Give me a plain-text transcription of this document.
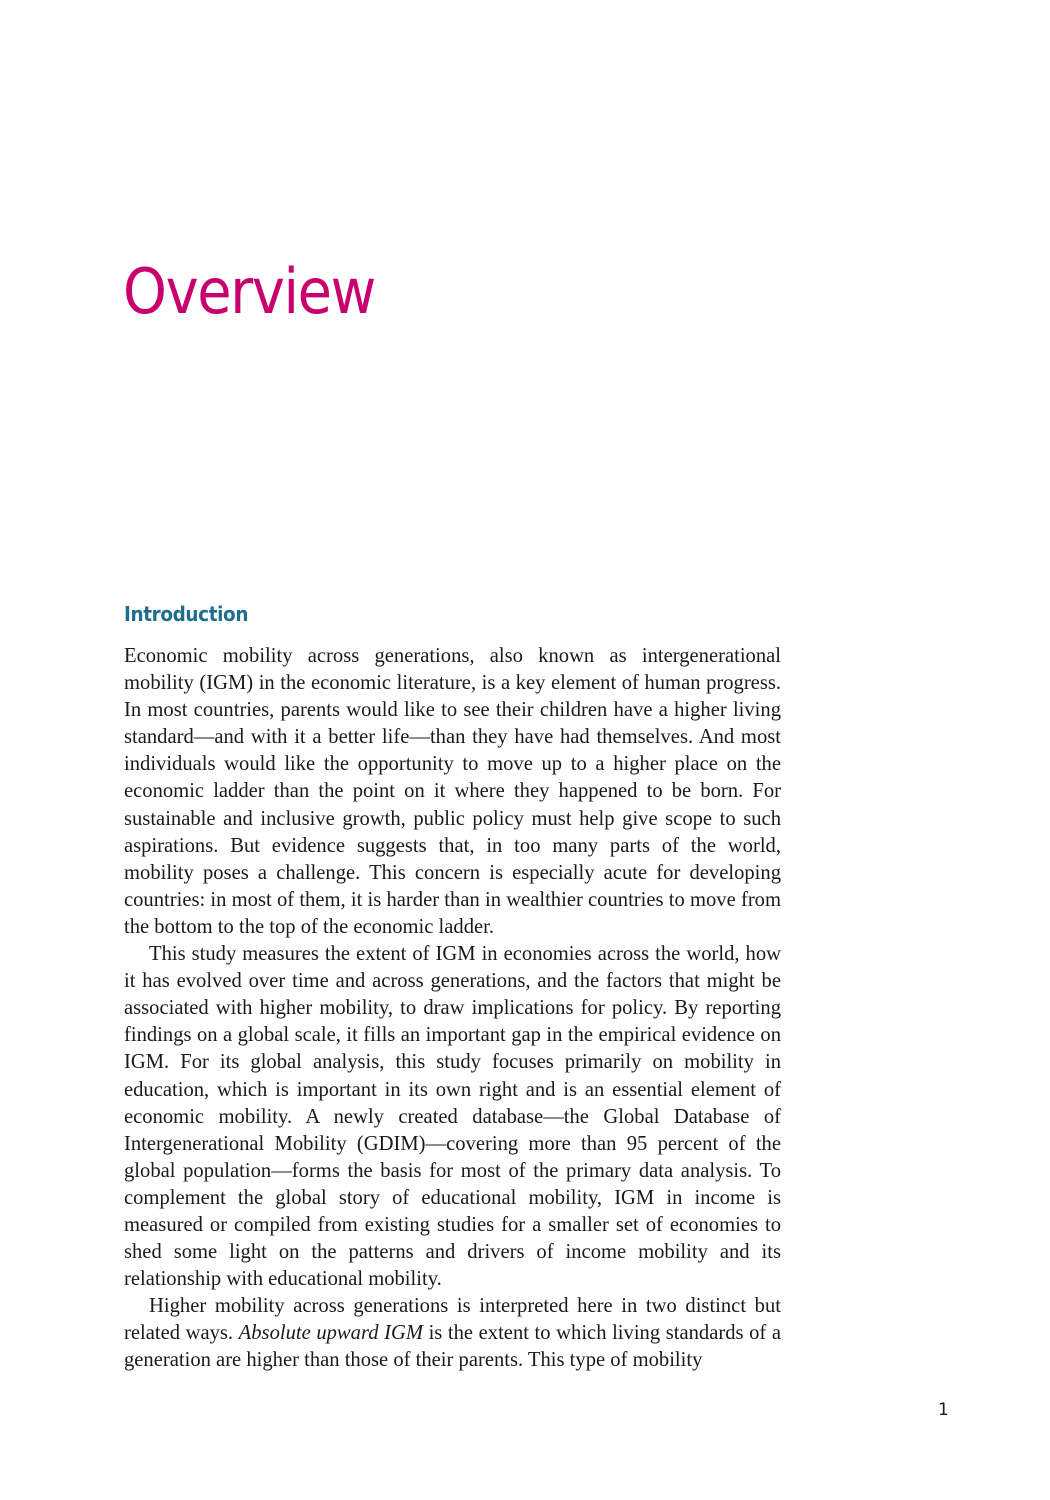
Overview
Introduction

Economic mobility across generations, also known as intergenerational mobility (IGM) in the economic literature, is a key element of human progress. In most countries, parents would like to see their children have a higher living standard—and with it a better life—than they have had themselves. And most individuals would like the opportunity to move up to a higher place on the economic ladder than the point on it where they happened to be born. For sustainable and inclusive growth, public policy must help give scope to such aspirations. But evidence suggests that, in too many parts of the world, mobility poses a challenge. This concern is especially acute for developing countries: in most of them, it is harder than in wealthier countries to move from the bottom to the top of the economic ladder.

This study measures the extent of IGM in economies across the world, how it has evolved over time and across generations, and the factors that might be associated with higher mobility, to draw implications for policy. By reporting findings on a global scale, it fills an important gap in the empirical evidence on IGM. For its global analysis, this study focuses primarily on mobility in education, which is important in its own right and is an essential element of economic mobility. A newly created database—the Global Database of Intergenerational Mobility (GDIM)—covering more than 95 percent of the global population—forms the basis for most of the primary data analysis. To complement the global story of educational mobility, IGM in income is measured or compiled from existing studies for a smaller set of economies to shed some light on the patterns and drivers of income mobility and its relationship with educational mobility.

Higher mobility across generations is interpreted here in two distinct but related ways. Absolute upward IGM is the extent to which living standards of a generation are higher than those of their parents. This type of mobility

1
